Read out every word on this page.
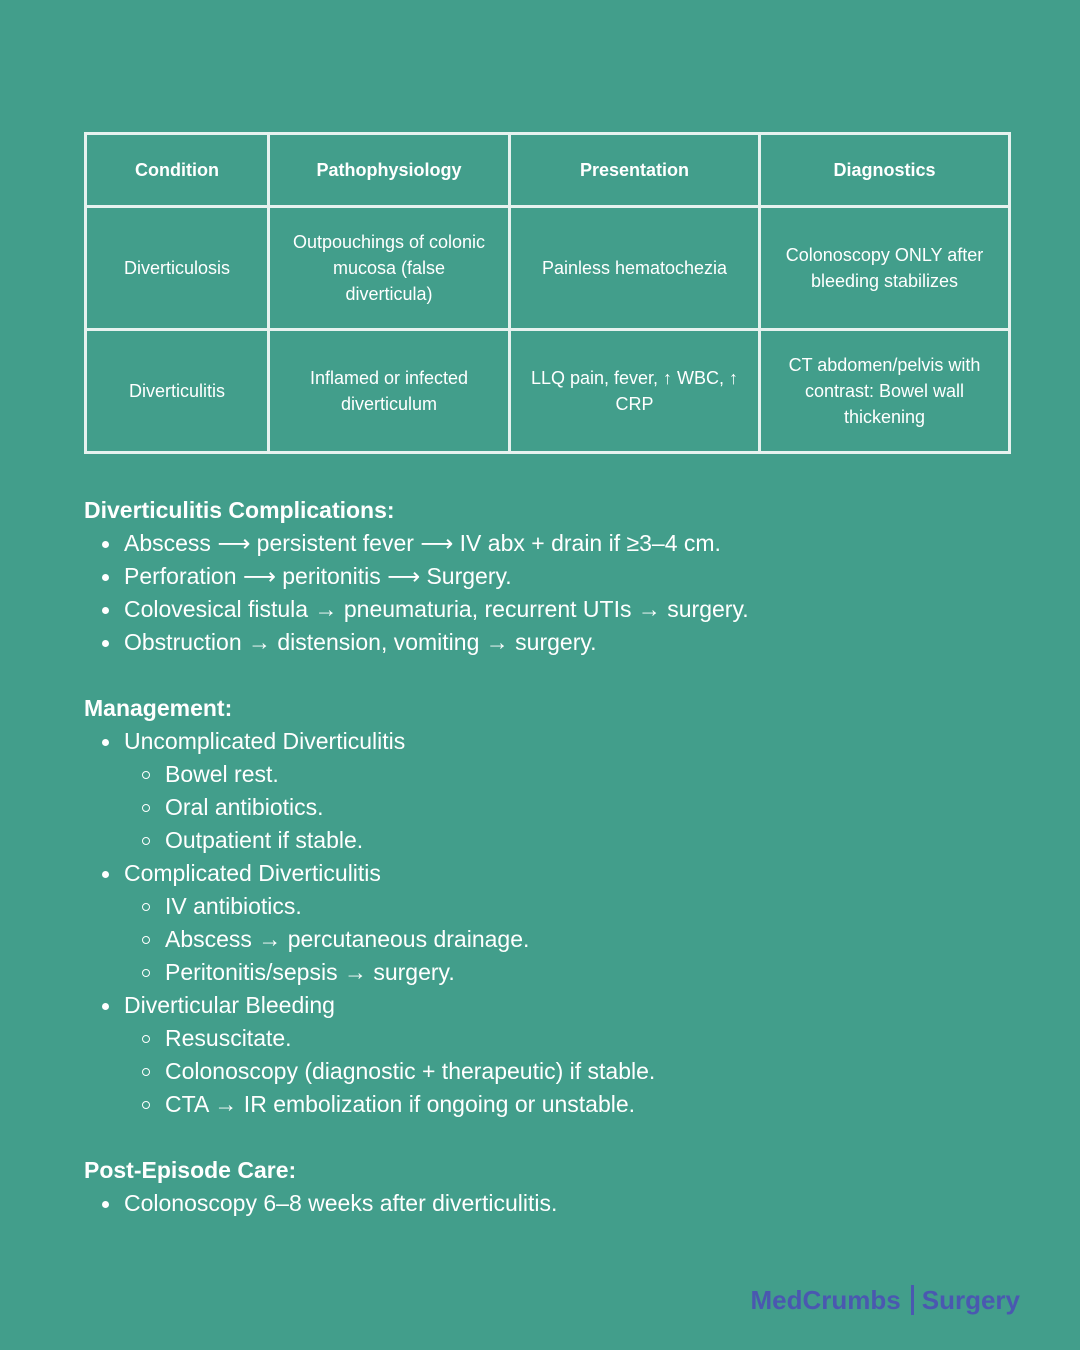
Condition	Pathophysiology	Presentation	Diagnostics
Diverticulosis	Outpouchings of colonic mucosa (false diverticula)	Painless hematochezia	Colonoscopy ONLY after bleeding stabilizes
Diverticulitis	Inflamed or infected diverticulum	LLQ pain, fever, ↑ WBC, ↑ CRP	CT abdomen/pelvis with contrast: Bowel wall thickening
Diverticulitis Complications:
Abscess ⟶ persistent fever ⟶ IV abx + drain if ≥3–4 cm.
Perforation ⟶ peritonitis ⟶ Surgery.
Colovesical fistula → pneumaturia, recurrent UTIs → surgery.
Obstruction → distension, vomiting → surgery.
Management:
Uncomplicated Diverticulitis
Bowel rest.
Oral antibiotics.
Outpatient if stable.
Complicated Diverticulitis
IV antibiotics.
Abscess → percutaneous drainage.
Peritonitis/sepsis → surgery.
Diverticular Bleeding
Resuscitate.
Colonoscopy (diagnostic + therapeutic) if stable.
CTA → IR embolization if ongoing or unstable.
Post-Episode Care:
Colonoscopy 6–8 weeks after diverticulitis.
MedCrumbs Surgery
